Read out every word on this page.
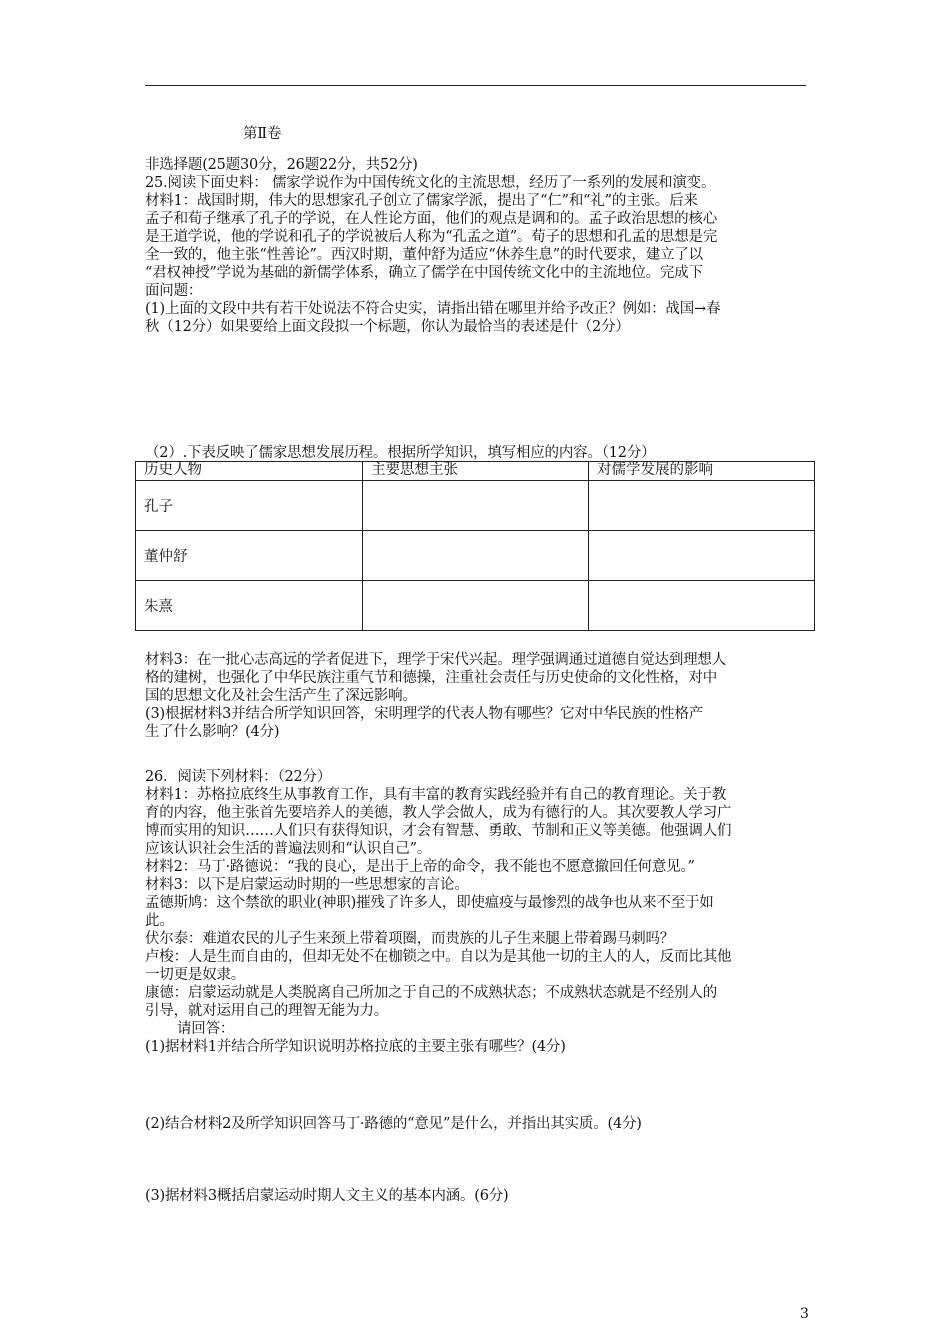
第Ⅱ卷
非选择题(25题30分，26题22分，共52分)
25.阅读下面史料： 儒家学说作为中国传统文化的主流思想，经历了一系列的发展和演变。
材料1：战国时期，伟大的思想家孔子创立了儒家学派，提出了“仁”和“礼”的主张。后来
孟子和荀子继承了孔子的学说，在人性论方面，他们的观点是调和的。孟子政治思想的核心
是王道学说，他的学说和孔子的学说被后人称为“孔孟之道”。荀子的思想和孔孟的思想是完
全一致的，他主张“性善论”。西汉时期，董仲舒为适应“休养生息”的时代要求，建立了以
“君权神授”学说为基础的新儒学体系，确立了儒学在中国传统文化中的主流地位。完成下
面问题：
(1)上面的文段中共有若干处说法不符合史实，请指出错在哪里并给予改正？例如：战国→春
秋（12分）如果要给上面文段拟一个标题，你认为最恰当的表述是什（2分）
（2）.下表反映了儒家思想发展历程。根据所学知识，填写相应的内容。（12分）
历史人物	主要思想主张	对儒学发展的影响
孔子		
董仲舒		
朱熹		
材料3：在一批心志高远的学者促进下，理学于宋代兴起。理学强调通过道德自觉达到理想人
格的建树，也强化了中华民族注重气节和德操，注重社会责任与历史使命的文化性格，对中
国的思想文化及社会生活产生了深远影响。
(3)根据材料3并结合所学知识回答，宋明理学的代表人物有哪些？它对中华民族的性格产
生了什么影响？(4分)
26．阅读下列材料：（22分）
材料1：苏格拉底终生从事教育工作，具有丰富的教育实践经验并有自己的教育理论。关于教
育的内容，他主张首先要培养人的美德，教人学会做人，成为有德行的人。其次要教人学习广
博而实用的知识……人们只有获得知识，才会有智慧、勇敢、节制和正义等美德。他强调人们
应该认识社会生活的普遍法则和“认识自己”。
材料2：马丁·路德说：“我的良心，是出于上帝的命令，我不能也不愿意撤回任何意见。”
材料3：以下是启蒙运动时期的一些思想家的言论。
孟德斯鸠：这个禁欲的职业(神职)摧残了许多人，即使瘟疫与最惨烈的战争也从来不至于如
此。
伏尔泰：难道农民的儿子生来颈上带着项圈，而贵族的儿子生来腿上带着踢马刺吗？
卢梭：人是生而自由的，但却无处不在枷锁之中。自以为是其他一切的主人的人，反而比其他
一切更是奴隶。
康德：启蒙运动就是人类脱离自己所加之于自己的不成熟状态；不成熟状态就是不经别人的
引导，就对运用自己的理智无能为力。
请回答：
(1)据材料1并结合所学知识说明苏格拉底的主要主张有哪些？(4分)
(2)结合材料2及所学知识回答马丁·路德的“意见”是什么，并指出其实质。(4分)
(3)据材料3概括启蒙运动时期人文主义的基本内涵。(6分)
3
